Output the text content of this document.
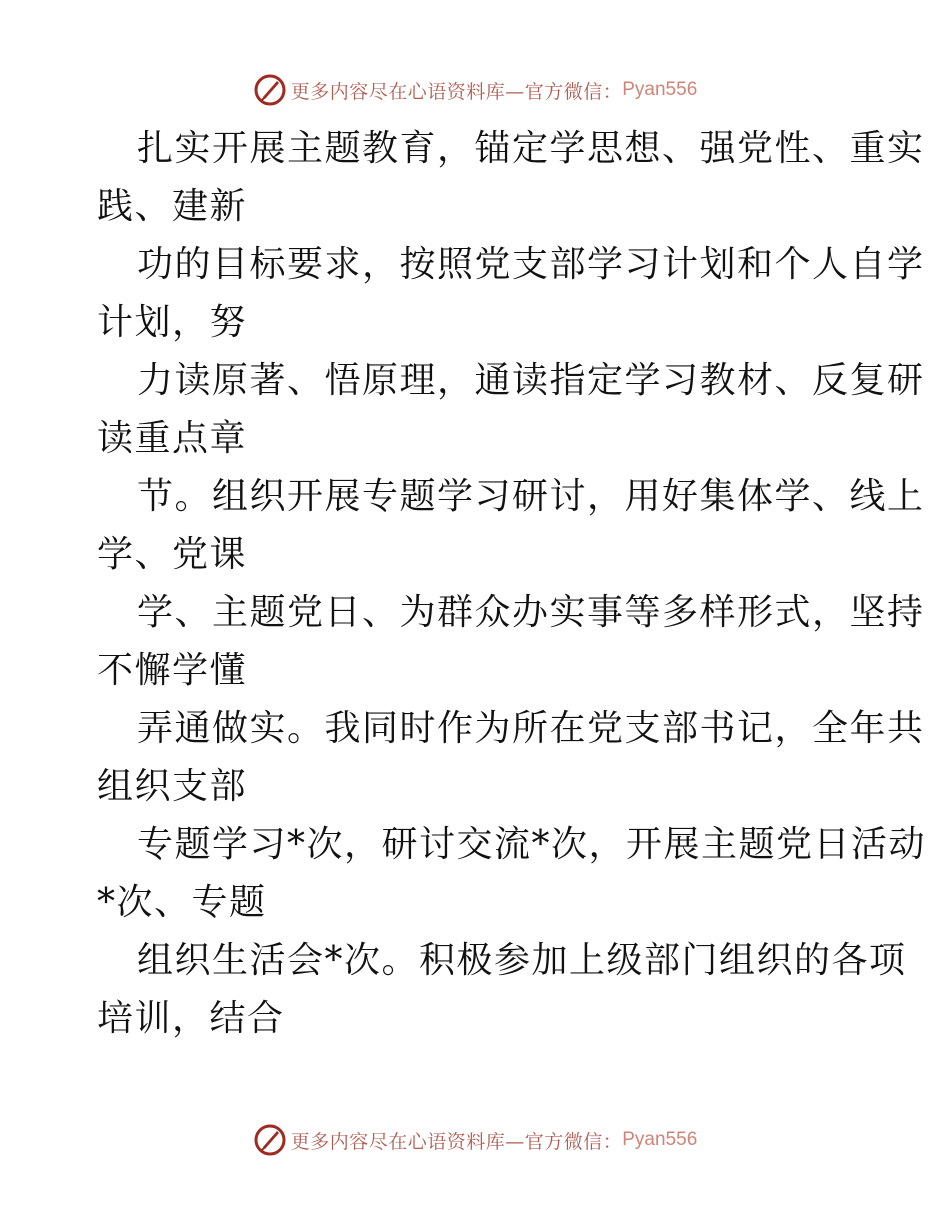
更多内容尽在心语资料库—官方微信： Pyan556
扎实开展主题教育，锚定学思想、强党性、重实
践、建新
功的目标要求，按照党支部学习计划和个人自学
计划，努
力读原著、悟原理，通读指定学习教材、反复研
读重点章
节。组织开展专题学习研讨，用好集体学、线上
学、党课
学、主题党日、为群众办实事等多样形式，坚持
不懈学懂
弄通做实。我同时作为所在党支部书记，全年共
组织支部
专题学习*次，研讨交流*次，开展主题党日活动
*次、专题
组织生活会*次。积极参加上级部门组织的各项
培训，结合
更多内容尽在心语资料库—官方微信： Pyan556
